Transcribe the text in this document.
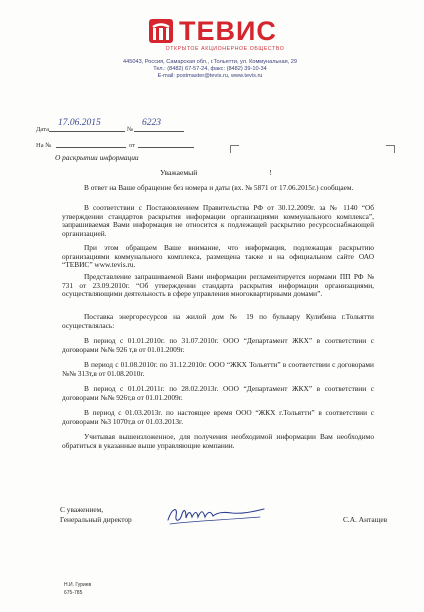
ТЕВИС
ОТКРЫТОЕ АКЦИОНЕРНОЕ ОБЩЕСТВО
445043, Россия, Самарская обл., г.Тольятти, ул. Коммунальная, 29
Тел.: (8482) 67-57-24, факс: (8482) 39-10-34
E-mail: postmaster@tevis.ru, www.tevis.ru
Дата
17.06.2015
№
6223
На №	от
О раскрытии информации
Уважаемый	!

В ответ на Ваше обращение без номера и даты (вх. № 5871 от 17.06.2015г.) сообщаем.

В соответствии с Постановлением Правительства РФ от 30.12.2009г. за № 1140 “Об утверждении стандартов раскрытия информации организациями коммунального комплекса”, запрашиваемая Вами информация не относится к подлежащей раскрытию ресурсоснабжающей организацией.

При этом обращаем Ваше внимание, что информация, подлежащая раскрытию организациями коммунального комплекса, размещена также и на официальном сайте ОАО “ТЕВИС” www.tevis.ru.

Представление запрашиваемой Вами информации регламентируется нормами ПП РФ № 731 от 23.09.2010г. “Об утверждении стандарта раскрытия информации организациями, осуществляющими деятельность в сфере управления многоквартирными домами”.

Поставка энергоресурсов на жилой дом № 19 по бульвару Кулибина г.Тольятти осуществлялась:

В период с 01.01.2010г. по 31.07.2010г. ООО “Департамент ЖКХ” в соответствии с договорами №№ 926 т,в от 01.01.2009г.

В период с 01.08.2010г. по 31.12.2010г. ООО “ЖКХ Тольятти” в соответствии с договорами №№ 313т,в от 01.08.2010г.

В период с 01.01.2011г. по 28.02.2013г. ООО “Департамент ЖКХ” в соответствии с договорами №№ 926т,в от 01.01.2009г.

В период с 01.03.2013г. по настоящее время ООО “ЖКХ г.Тольятти” в соответствии с договорами №3 1070т,в от 01.03.2013г.

Учитывая вышеизложенное, для получения необходимой информации Вам необходимо обратиться в указанные выше управляющие компании.

С уважением,
Генеральный директор	С.А. Антащев
Н.И. Гуриев
675-785
